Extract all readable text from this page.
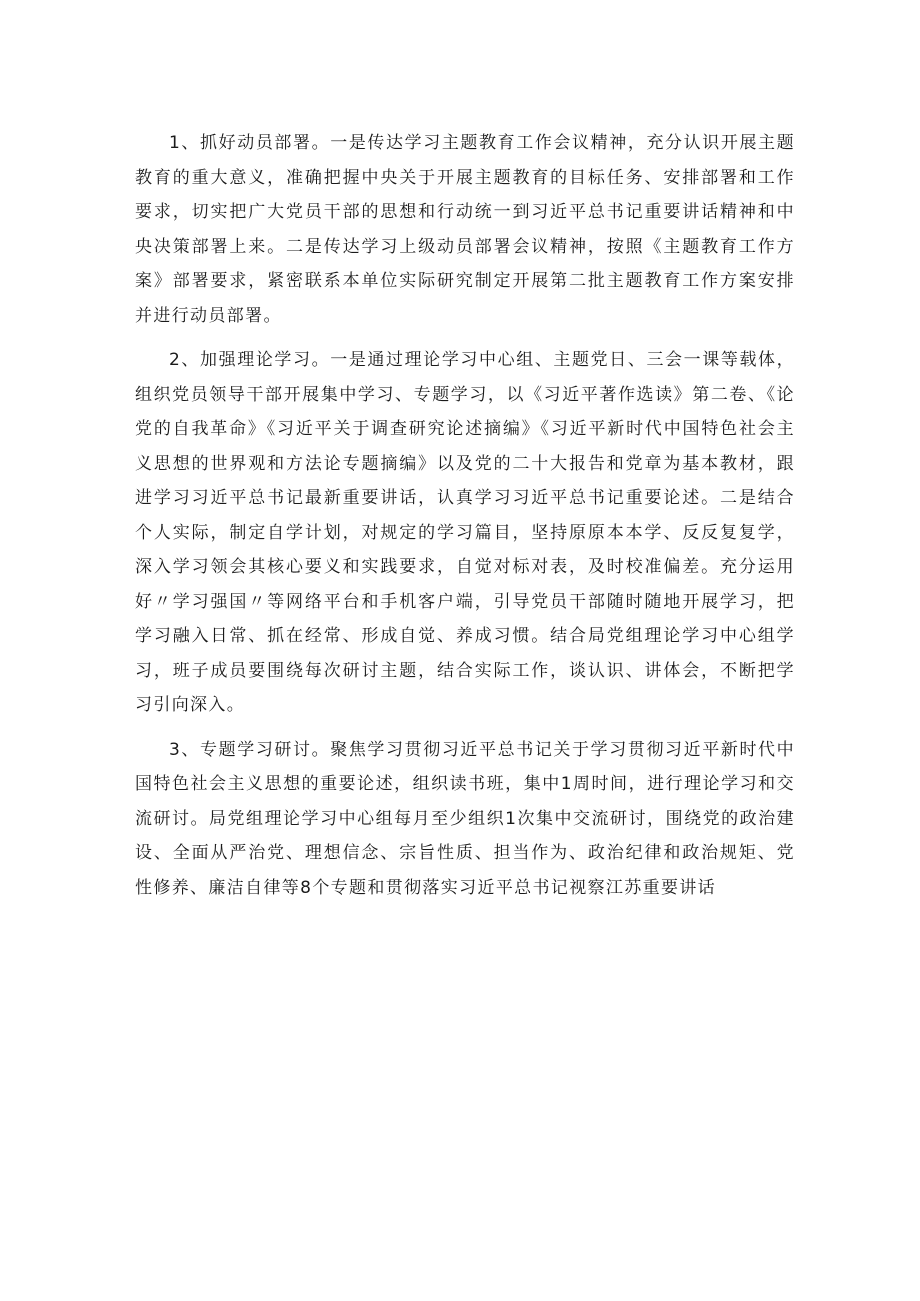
1、抓好动员部署。一是传达学习主题教育工作会议精神，充分认识开展主题教育的重大意义，准确把握中央关于开展主题教育的目标任务、安排部署和工作要求，切实把广大党员干部的思想和行动统一到习近平总书记重要讲话精神和中央决策部署上来。二是传达学习上级动员部署会议精神，按照《主题教育工作方案》部署要求，紧密联系本单位实际研究制定开展第二批主题教育工作方案安排并进行动员部署。

2、加强理论学习。一是通过理论学习中心组、主题党日、三会一课等载体，组织党员领导干部开展集中学习、专题学习，以《习近平著作选读》第二卷、《论党的自我革命》《习近平关于调查研究论述摘编》《习近平新时代中国特色社会主义思想的世界观和方法论专题摘编》以及党的二十大报告和党章为基本教材，跟进学习习近平总书记最新重要讲话，认真学习习近平总书记重要论述。二是结合个人实际，制定自学计划，对规定的学习篇目，坚持原原本本学、反反复复学，深入学习领会其核心要义和实践要求，自觉对标对表，及时校准偏差。充分运用好〃学习强国〃等网络平台和手机客户端，引导党员干部随时随地开展学习，把学习融入日常、抓在经常、形成自觉、养成习惯。结合局党组理论学习中心组学习，班子成员要围绕每次研讨主题，结合实际工作，谈认识、讲体会，不断把学习引向深入。

3、专题学习研讨。聚焦学习贯彻习近平总书记关于学习贯彻习近平新时代中国特色社会主义思想的重要论述，组织读书班，集中1周时间，进行理论学习和交流研讨。局党组理论学习中心组每月至少组织1次集中交流研讨，围绕党的政治建设、全面从严治党、理想信念、宗旨性质、担当作为、政治纪律和政治规矩、党性修养、廉洁自律等8个专题和贯彻落实习近平总书记视察江苏重要讲话
